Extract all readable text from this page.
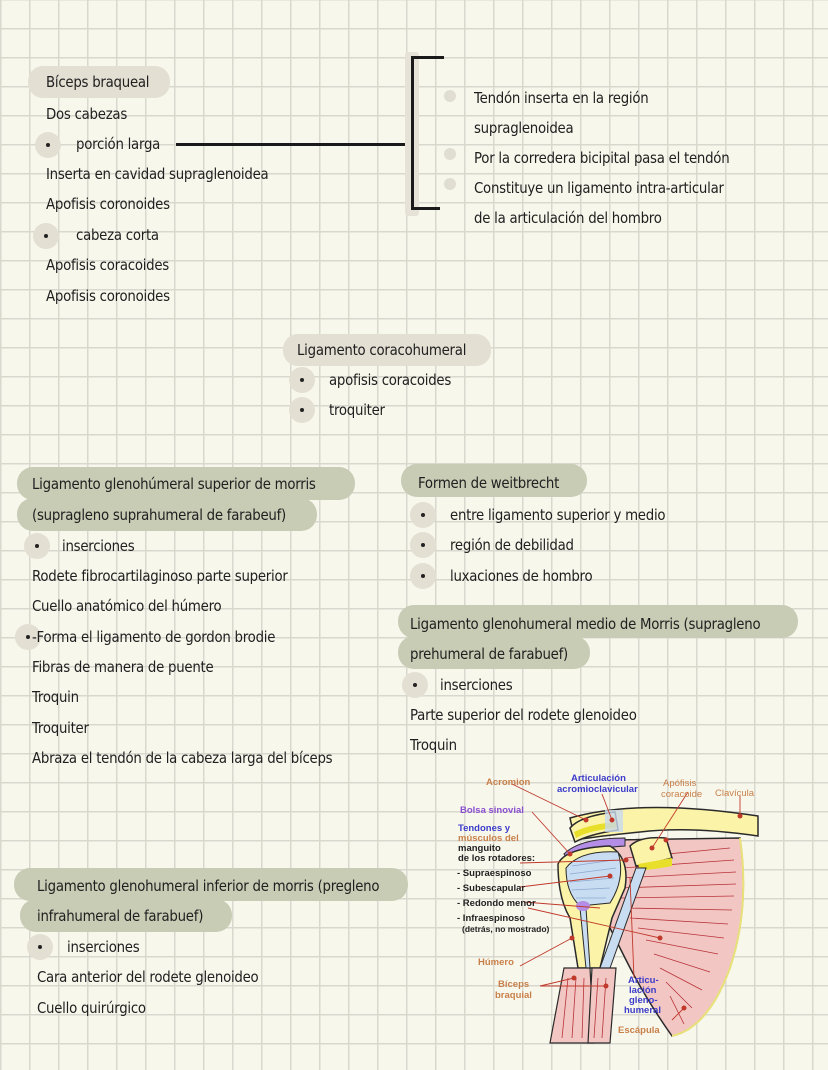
Bíceps braqueal
Dos cabezas
porción larga
Inserta en cavidad supraglenoidea
Apofisis coronoides
cabeza corta
Apofisis coracoides
Apofisis coronoides
Tendón inserta en la región
supraglenoidea
Por la corredera bicipital pasa el tendón
Constituye un ligamento intra-articular
de la articulación del hombro
Ligamento coracohumeral
apofisis coracoides
troquiter
Ligamento glenohúmeral superior de morris
(supragleno suprahumeral de farabeuf)
inserciones
Rodete fibrocartilaginoso parte superior
Cuello anatómico del húmero
-Forma el ligamento de gordon brodie
Fibras de manera de puente
Troquin
Troquiter
Abraza el tendón de la cabeza larga del bíceps
Formen de weitbrecht
entre ligamento superior y medio
región de debilidad
luxaciones de hombro
Ligamento glenohumeral medio de Morris (supragleno
prehumeral de farabuef)
inserciones
Parte superior del rodete glenoideo
Troquin
Ligamento glenohumeral inferior de morris (pregleno
infrahumeral de farabuef)
inserciones
Cara anterior del rodete glenoideo
Cuello quirúrgico
Acromion	Articulación
acromioclavicular
Apófisis
coracoide Clavícula
Bolsa sinovial
Tendones y
músculos del
manguito
de los rotadores:
- Supraespinoso
- Subescapular
- Redondo menor
- Infraespinoso
(detrás, no mostrado)
Húmero
Bíceps
braquial
Articu-
lación
gleno-
humeral
Escápula
